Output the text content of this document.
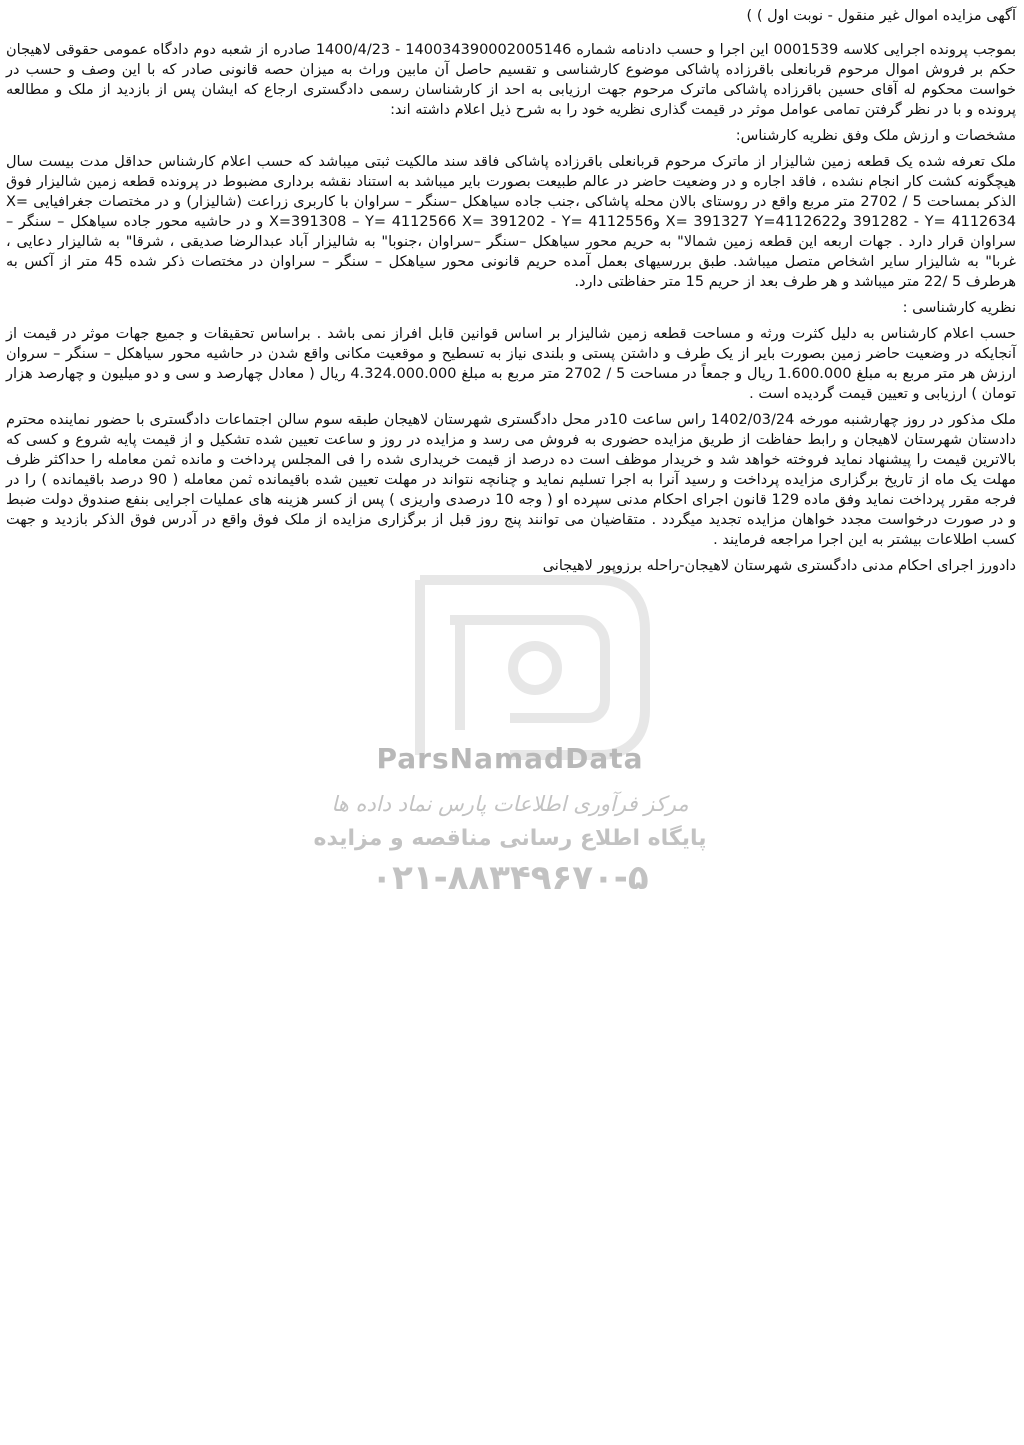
ParsNamadData
مرکز فرآوری اطلاعات پارس نماد داده ها
پایگاه اطلاع رسانی مناقصه و مزایده
۰۲۱-۸۸۳۴۹۶۷۰-۵

آگهی مزایده اموال غیر منقول - نوبت اول ) )

بموجب پرونده اجرایی کلاسه 0001539 این اجرا و حسب دادنامه شماره 140034390002005146 - 1400/4/23 صادره از شعبه دوم دادگاه عمومی حقوقی لاهیجان حکم بر فروش اموال مرحوم قربانعلی باقرزاده پاشاکی موضوع کارشناسی و تقسیم حاصل آن مابین وراث به میزان حصه قانونی صادر که با این وصف و حسب در خواست محکوم له آقای حسین باقرزاده پاشاکی ماترک مرحوم جهت ارزیابی به احد از کارشناسان رسمی دادگستری ارجاع که ایشان پس از بازدید از ملک و مطالعه پرونده و با در نظر گرفتن تمامی عوامل موثر در قیمت گذاری نظریه خود را به شرح ذیل اعلام داشته اند:

مشخصات و ارزش ملک وفق نظریه کارشناس:

ملک تعرفه شده یک قطعه زمین شالیزار از ماترک مرحوم قربانعلی باقرزاده پاشاکی فاقد سند مالکیت ثبتی میباشد که حسب اعلام کارشناس حداقل مدت بیست سال هیچگونه کشت کار انجام نشده ، فاقد اجاره و در وضعیت حاضر در عالم طبیعت بصورت بایر میباشد به استناد نقشه برداری مضبوط در پرونده قطعه زمین شالیزار فوق الذکر بمساحت 5 / 2702 متر مربع واقع در روستای بالان محله پاشاکی ،جنب جاده سیاهکل –سنگر – سراوان با کاربری زراعت (شالیزار) و در مختصات جغرافیایی X= 391282 - Y= 4112634 وX= 391327 Y=4112622 وX=391308 – Y= 4112566 X= 391202 - Y= 4112556 و در حاشیه محور جاده سیاهکل – سنگر – سراوان قرار دارد . جهات اربعه این قطعه زمین شمالا" به حریم محور سیاهکل –سنگر –سراوان ،جنوبا" به شالیزار آباد عبدالرضا صدیقی ، شرقا" به شالیزار دعایی ، غربا" به شالیزار سایر اشخاص متصل میباشد. طبق بررسیهای بعمل آمده حریم قانونی محور سیاهکل – سنگر – سراوان در مختصات ذکر شده 45 متر از آکس به هرطرف 5 /22 متر میباشد و هر طرف بعد از حریم 15 متر حفاظتی دارد.

نظریه کارشناسی :

حسب اعلام کارشناس به دلیل کثرت ورثه و مساحت قطعه زمین شالیزار بر اساس قوانین قابل افراز نمی باشد . براساس تحقیقات و جمیع جهات موثر در قیمت از آنجایکه در وضعیت حاضر زمین بصورت بایر از یک طرف و داشتن پستی و بلندی نیاز به تسطیح و موقعیت مکانی واقع شدن در حاشیه محور سیاهکل – سنگر – سروان ارزش هر متر مربع به مبلغ 1.600.000 ریال و جمعاً در مساحت 5 / 2702 متر مربع به مبلغ 4.324.000.000 ریال ( معادل چهارصد و سی و دو میلیون و چهارصد هزار تومان ) ارزیابی و تعیین قیمت گردیده است .

ملک مذکور در روز چهارشنبه مورخه 1402/03/24 راس ساعت 10در محل دادگستری شهرستان لاهیجان طبقه سوم سالن اجتماعات دادگستری با حضور نماینده محترم دادستان شهرستان لاهیجان و رابط حفاظت از طریق مزایده حضوری به فروش می رسد و مزایده در روز و ساعت تعیین شده تشکیل و از قیمت پایه شروع و کسی که بالاترین قیمت را پیشنهاد نماید فروخته خواهد شد و خریدار موظف است ده درصد از قیمت خریداری شده را فی المجلس پرداخت و مانده ثمن معامله را حداکثر ظرف مهلت یک ماه از تاریخ برگزاری مزایده پرداخت و رسید آنرا به اجرا تسلیم نماید و چنانچه نتواند در مهلت تعیین شده باقیمانده ثمن معامله ( 90 درصد باقیمانده ) را در فرجه مقرر پرداخت نماید وفق ماده 129 قانون اجرای احکام مدنی سپرده او ( وجه 10 درصدی واریزی ) پس از کسر هزینه های عملیات اجرایی بنفع صندوق دولت ضبط و در صورت درخواست مجدد خواهان مزایده تجدید میگردد . متقاضیان می توانند پنج روز قبل از برگزاری مزایده از ملک فوق واقع در آدرس فوق الذکر بازدید و جهت کسب اطلاعات بیشتر به این اجرا مراجعه فرمایند .

دادورز اجرای احکام مدنی دادگستری شهرستان لاهیجان-راحله برزوپور لاهیجانی
